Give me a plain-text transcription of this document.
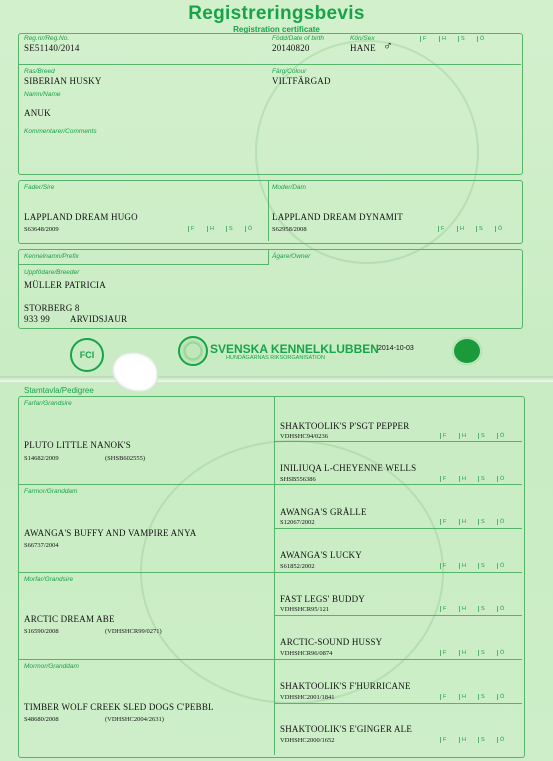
Registreringsbevis
Registration certificate
Reg.nr/Reg.No.
SE51140/2014
Född/Date of birth
20140820
Kön/Sex
HANE ♂	F	H	S	Ö
Ras/Breed
SIBERIAN HUSKY
Färg/Colour
VILTFÄRGAD
Namn/Name
ANUK
Kommentarer/Comments
Fader/Sire
LAPPLAND DREAM HUGO
S63648/2009
Moder/Dam
LAPPLAND DREAM DYNAMIT
S62958/2008
F	H	S	Ö	F	H	S	Ö
Kennelnamn/Prefix	Ägare/Owner
Uppfödare/Breeder
MÜLLER PATRICIA
STORBERG 8
933 99 ARVIDSJAUR
FCI	SVENSKA KENNELKLUBBEN
HUNDÄGARNAS RIKSORGANISATION
2014-10-03
Stamtavla/Pedigree
Farfar/Grandsire
PLUTO LITTLE NANOK'S
S14682/2009	(SHSB602555)
Farmor/Granddam
AWANGA'S BUFFY AND VAMPIRE ANYA
S66737/2004
Morfar/Grandsire
ARCTIC DREAM ABE
S16590/2008	(VDHSHCR99/0271)
Mormor/Granddam
TIMBER WOLF CREEK SLED DOGS C'PEBBL
S48680/2008	(VDHSHC2004/2631)
SHAKTOOLIK'S P'SGT PEPPER
VDHSHC94/0236
INILIUQA L-CHEYENNE WELLS
SHSB556386
AWANGA'S GRÅLLE
S12067/2002
AWANGA'S LUCKY
S61852/2002
FAST LEGS' BUDDY
VDHSHCR95/121
ARCTIC-SOUND HUSSY
VDHSHCR96/0874
SHAKTOOLIK'S F'HURRICANE
VDHSHC2001/1841
SHAKTOOLIK'S E'GINGER ALE
VDHSHC2000/1652
F	H	S	Ö
F	H	S	Ö
F	H	S	Ö
F	H	S	Ö
F	H	S	Ö
F	H	S	Ö
F	H	S	Ö
F	H	S	Ö
